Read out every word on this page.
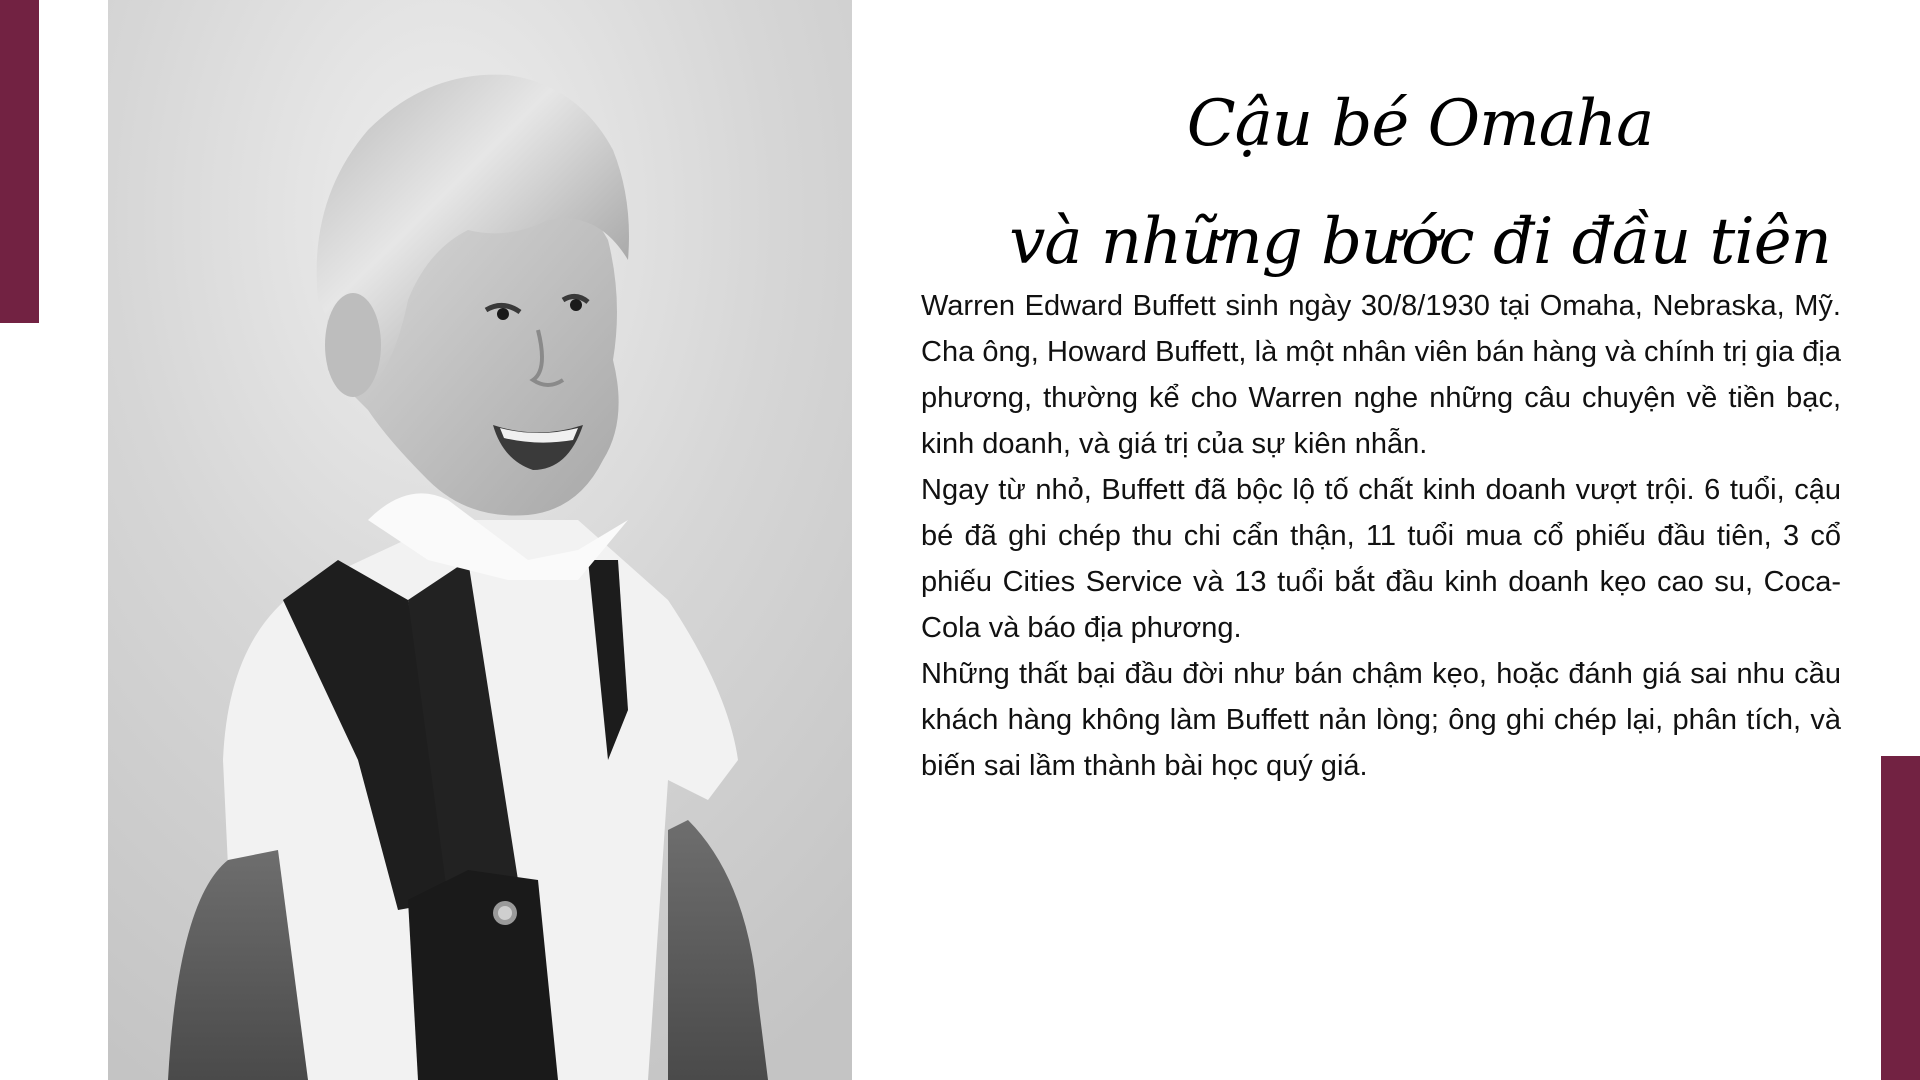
Cậu bé Omaha
và những bước đi đầu tiên

Warren Edward Buffett sinh ngày 30/8/1930 tại Omaha, Nebraska, Mỹ. Cha ông, Howard Buffett, là một nhân viên bán hàng và chính trị gia địa phương, thường kể cho Warren nghe những câu chuyện về tiền bạc, kinh doanh, và giá trị của sự kiên nhẫn.

Ngay từ nhỏ, Buffett đã bộc lộ tố chất kinh doanh vượt trội. 6 tuổi, cậu bé đã ghi chép thu chi cẩn thận, 11 tuổi mua cổ phiếu đầu tiên, 3 cổ phiếu Cities Service và 13 tuổi bắt đầu kinh doanh kẹo cao su, Coca-Cola và báo địa phương.

Những thất bại đầu đời như bán chậm kẹo, hoặc đánh giá sai nhu cầu khách hàng không làm Buffett nản lòng; ông ghi chép lại, phân tích, và biến sai lầm thành bài học quý giá.
